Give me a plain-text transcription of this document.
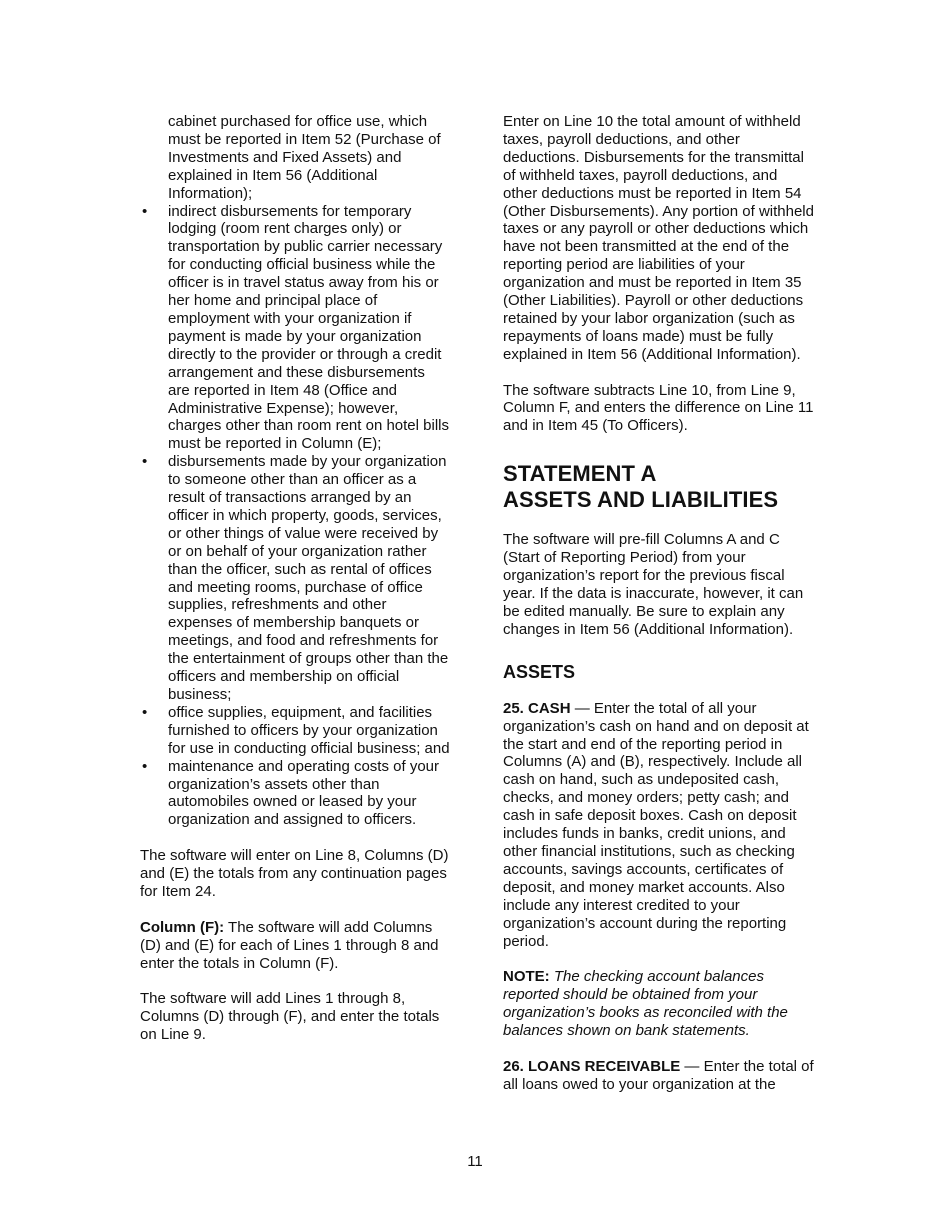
cabinet purchased for office use, which must be reported in Item 52 (Purchase of Investments and Fixed Assets) and explained in Item 56 (Additional Information);

• indirect disbursements for temporary lodging (room rent charges only) or transportation by public carrier necessary for conducting official business while the officer is in travel status away from his or her home and principal place of employment with your organization if payment is made by your organization directly to the provider or through a credit arrangement and these disbursements are reported in Item 48 (Office and Administrative Expense); however, charges other than room rent on hotel bills must be reported in Column (E);
• disbursements made by your organization to someone other than an officer as a result of transactions arranged by an officer in which property, goods, services, or other things of value were received by or on behalf of your organization rather than the officer, such as rental of offices and meeting rooms, purchase of office supplies, refreshments and other expenses of membership banquets or meetings, and food and refreshments for the entertainment of groups other than the officers and membership on official business;
• office supplies, equipment, and facilities furnished to officers by your organization for use in conducting official business; and
• maintenance and operating costs of your organization’s assets other than automobiles owned or leased by your organization and assigned to officers.

The software will enter on Line 8, Columns (D) and (E) the totals from any continuation pages for Item 24.

Column (F): The software will add Columns (D) and (E) for each of Lines 1 through 8 and enter the totals in Column (F).

The software will add Lines 1 through 8, Columns (D) through (F), and enter the totals on Line 9.

Enter on Line 10 the total amount of withheld taxes, payroll deductions, and other deductions. Disbursements for the transmittal of withheld taxes, payroll deductions, and other deductions must be reported in Item 54 (Other Disbursements). Any portion of withheld taxes or any payroll or other deductions which have not been transmitted at the end of the reporting period are liabilities of your organization and must be reported in Item 35 (Other Liabilities). Payroll or other deductions retained by your labor organization (such as repayments of loans made) must be fully explained in Item 56 (Additional Information).

The software subtracts Line 10, from Line 9, Column F, and enters the difference on Line 11 and in Item 45 (To Officers).

STATEMENT A
ASSETS AND LIABILITIES

The software will pre-fill Columns A and C (Start of Reporting Period) from your organization’s report for the previous fiscal year. If the data is inaccurate, however, it can be edited manually. Be sure to explain any changes in Item 56 (Additional Information).

ASSETS

25. CASH — Enter the total of all your organization’s cash on hand and on deposit at the start and end of the reporting period in Columns (A) and (B), respectively. Include all cash on hand, such as undeposited cash, checks, and money orders; petty cash; and cash in safe deposit boxes. Cash on deposit includes funds in banks, credit unions, and other financial institutions, such as checking accounts, savings accounts, certificates of deposit, and money market accounts. Also include any interest credited to your organization’s account during the reporting period.

NOTE: The checking account balances reported should be obtained from your organization’s books as reconciled with the balances shown on bank statements.

26. LOANS RECEIVABLE — Enter the total of all loans owed to your organization at the

11
